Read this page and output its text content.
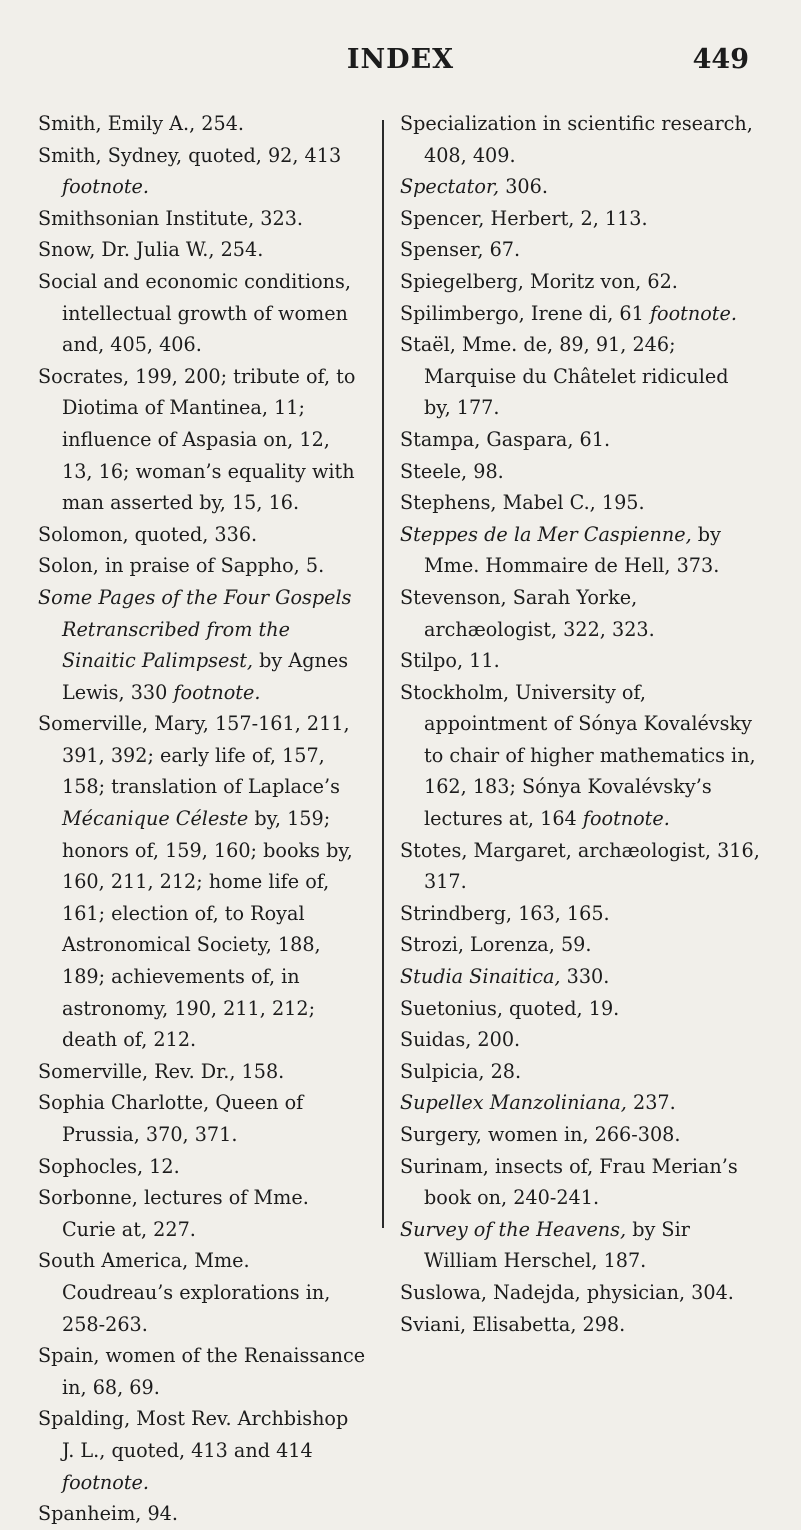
INDEX	449

Smith, Emily A., 254.

Smith, Sydney, quoted, 92, 413 footnote.

Smithsonian Institute, 323.

Snow, Dr. Julia W., 254.

Social and economic conditions, intellectual growth of women and, 405, 406.

Socrates, 199, 200; tribute of, to Diotima of Mantinea, 11; influence of Aspasia on, 12, 13, 16; woman’s equality with man asserted by, 15, 16.

Solomon, quoted, 336.

Solon, in praise of Sappho, 5.

Some Pages of the Four Gospels Retranscribed from the Sinaitic Palimpsest, by Agnes Lewis, 330 footnote.

Somerville, Mary, 157-161, 211, 391, 392; early life of, 157, 158; translation of Laplace’s Mécanique Céleste by, 159; honors of, 159, 160; books by, 160, 211, 212; home life of, 161; election of, to Royal Astronomical Society, 188, 189; achievements of, in astronomy, 190, 211, 212; death of, 212.

Somerville, Rev. Dr., 158.

Sophia Charlotte, Queen of Prussia, 370, 371.

Sophocles, 12.

Sorbonne, lectures of Mme. Curie at, 227.

South America, Mme. Coudreau’s explorations in, 258-263.

Spain, women of the Renaissance in, 68, 69.

Spalding, Most Rev. Archbishop J. L., quoted, 413 and 414 footnote.

Spanheim, 94.

Specialization in scientific research, 408, 409.

Spectator, 306.

Spencer, Herbert, 2, 113.

Spenser, 67.

Spiegelberg, Moritz von, 62.

Spilimbergo, Irene di, 61 footnote.

Staël, Mme. de, 89, 91, 246; Marquise du Châtelet ridiculed by, 177.

Stampa, Gaspara, 61.

Steele, 98.

Stephens, Mabel C., 195.

Steppes de la Mer Caspienne, by Mme. Hommaire de Hell, 373.

Stevenson, Sarah Yorke, archæologist, 322, 323.

Stilpo, 11.

Stockholm, University of, appointment of Sónya Kovalévsky to chair of higher mathematics in, 162, 183; Sónya Kovalévsky’s lectures at, 164 footnote.

Stotes, Margaret, archæologist, 316, 317.

Strindberg, 163, 165.

Strozi, Lorenza, 59.

Studia Sinaitica, 330.

Suetonius, quoted, 19.

Suidas, 200.

Sulpicia, 28.

Supellex Manzoliniana, 237.

Surgery, women in, 266-308.

Surinam, insects of, Frau Merian’s book on, 240-241.

Survey of the Heavens, by Sir William Herschel, 187.

Suslowa, Nadejda, physician, 304.

Sviani, Elisabetta, 298.
